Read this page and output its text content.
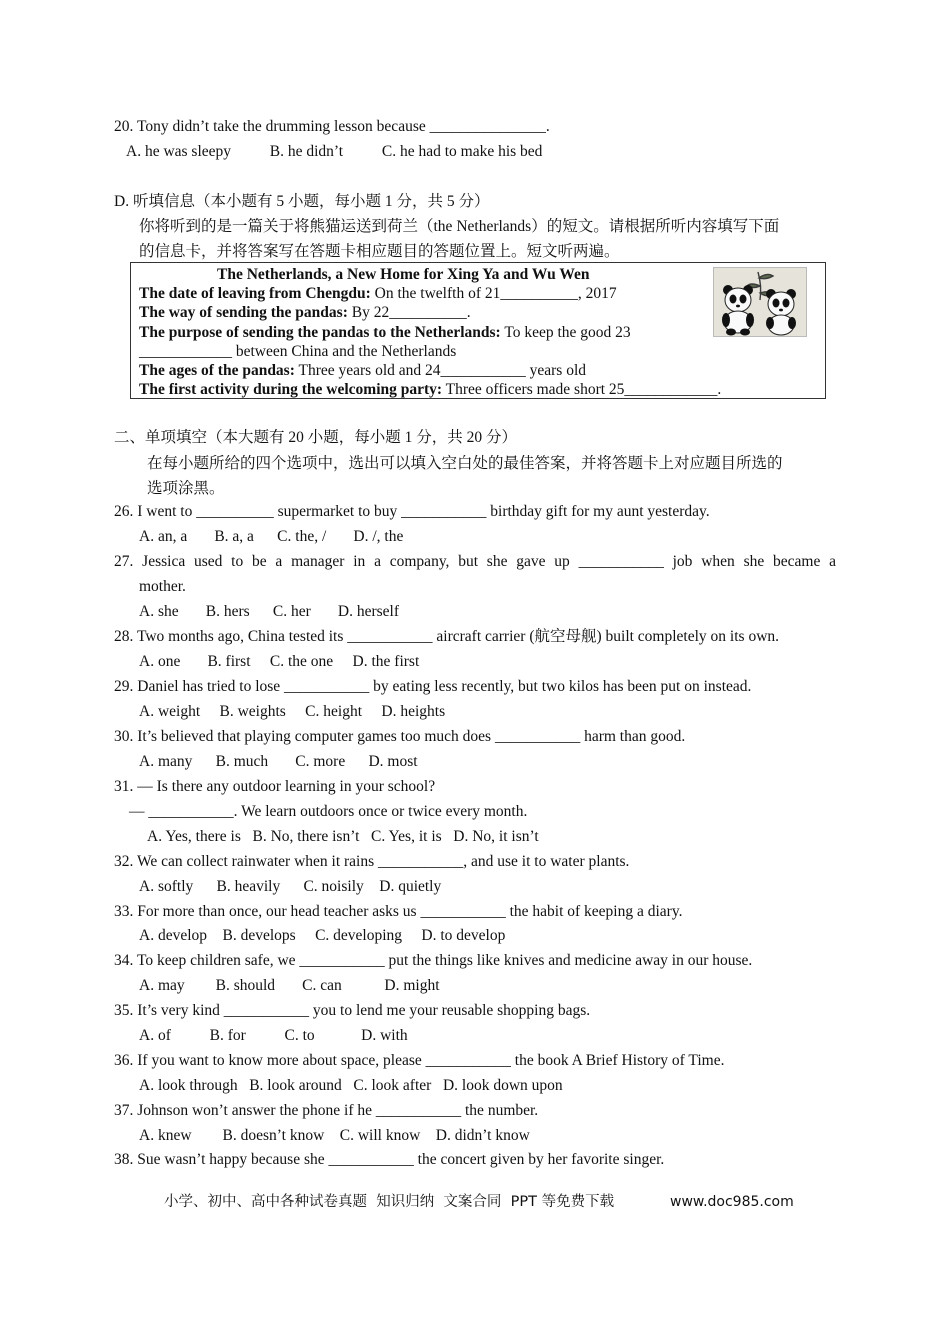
20. Tony didn’t take the drumming lesson because _______________.
A. he was sleepy          B. he didn’t          C. he had to make his bed
D. 听填信息（本小题有 5 小题，每小题 1 分，共 5 分）
你将听到的是一篇关于将熊猫运送到荷兰（the Netherlands）的短文。请根据所听内容填写下面
的信息卡，并将答案写在答题卡相应题目的答题位置上。短文听两遍。
The Netherlands, a New Home for Xing Ya and Wu Wen
The date of leaving from Chengdu: On the twelfth of 21__________, 2017
The way of sending the pandas: By 22__________.
The purpose of sending the pandas to the Netherlands: To keep the good 23
____________ between China and the Netherlands
The ages of the pandas: Three years old and 24___________ years old
The first activity during the welcoming party: Three officers made short 25____________.
二、单项填空（本大题有 20 小题，每小题 1 分，共 20 分）
在每小题所给的四个选项中，选出可以填入空白处的最佳答案，并将答题卡上对应题目所选的
选项涂黑。
26. I went to __________ supermarket to buy ___________ birthday gift for my aunt yesterday.
A. an, a       B. a, a      C. the, /       D. /, the
27. Jessica used to be a manager in a company, but she gave up ___________ job when she became a
mother.
A. she       B. hers      C. her       D. herself
28. Two months ago, China tested its ___________ aircraft carrier (航空母舰) built completely on its own.
A. one       B. first     C. the one     D. the first
29. Daniel has tried to lose ___________ by eating less recently, but two kilos has been put on instead.
A. weight     B. weights     C. height     D. heights
30. It’s believed that playing computer games too much does ___________ harm than good.
A. many      B. much       C. more      D. most
31. — Is there any outdoor learning in your school?
— ___________. We learn outdoors once or twice every month.
A. Yes, there is   B. No, there isn’t   C. Yes, it is   D. No, it isn’t
32. We can collect rainwater when it rains ___________, and use it to water plants.
A. softly      B. heavily      C. noisily    D. quietly
33. For more than once, our head teacher asks us ___________ the habit of keeping a diary.
A. develop    B. develops     C. developing     D. to develop
34. To keep children safe, we ___________ put the things like knives and medicine away in our house.
A. may        B. should       C. can           D. might
35. It’s very kind ___________ you to lend me your reusable shopping bags.
A. of          B. for          C. to            D. with
36. If you want to know more about space, please ___________ the book A Brief History of Time.
A. look through   B. look around   C. look after   D. look down upon
37. Johnson won’t answer the phone if he ___________ the number.
A. knew        B. doesn’t know    C. will know    D. didn’t know
38. Sue wasn’t happy because she ___________ the concert given by her favorite singer.
小学、初中、高中各种试卷真题  知识归纳  文案合同  PPT 等免费下载	www.doc985.com
